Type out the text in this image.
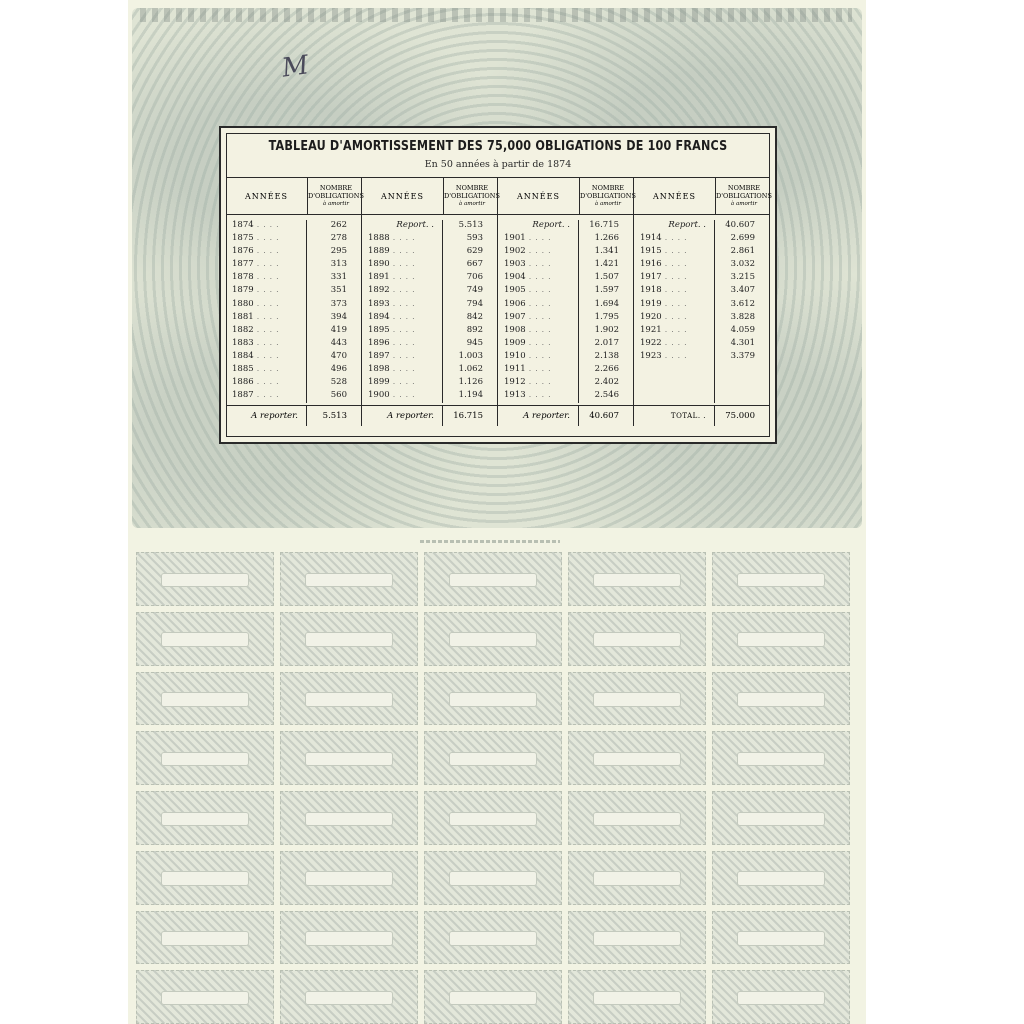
M
TABLEAU D'AMORTISSEMENT DES 75,000 OBLIGATIONS DE 100 FRANCS
En 50 années à partir de 1874
ANNÉES
NOMBRE
D'OBLIGATIONS
à amortir
1874 . . . .	262
1875 . . . .	278
1876 . . . .	295
1877 . . . .	313
1878 . . . .	331
1879 . . . .	351
1880 . . . .	373
1881 . . . .	394
1882 . . . .	419
1883 . . . .	443
1884 . . . .	470
1885 . . . .	496
1886 . . . .	528
1887 . . . .	560
A reporter.	5.513
ANNÉES
NOMBRE
D'OBLIGATIONS
à amortir
Report. .	5.513
1888 . . . .	593
1889 . . . .	629
1890 . . . .	667
1891 . . . .	706
1892 . . . .	749
1893 . . . .	794
1894 . . . .	842
1895 . . . .	892
1896 . . . .	945
1897 . . . .	1.003
1898 . . . .	1.062
1899 . . . .	1.126
1900 . . . .	1.194
A reporter.	16.715
ANNÉES
NOMBRE
D'OBLIGATIONS
à amortir
Report. .	16.715
1901 . . . .	1.266
1902 . . . .	1.341
1903 . . . .	1.421
1904 . . . .	1.507
1905 . . . .	1.597
1906 . . . .	1.694
1907 . . . .	1.795
1908 . . . .	1.902
1909 . . . .	2.017
1910 . . . .	2.138
1911 . . . .	2.266
1912 . . . .	2.402
1913 . . . .	2.546
A reporter.	40.607
ANNÉES
NOMBRE
D'OBLIGATIONS
à amortir
Report. .	40.607
1914 . . . .	2.699
1915 . . . .	2.861
1916 . . . .	3.032
1917 . . . .	3.215
1918 . . . .	3.407
1919 . . . .	3.612
1920 . . . .	3.828
1921 . . . .	4.059
1922 . . . .	4.301
1923 . . . .	3.379
TOTAL. .	75.000
